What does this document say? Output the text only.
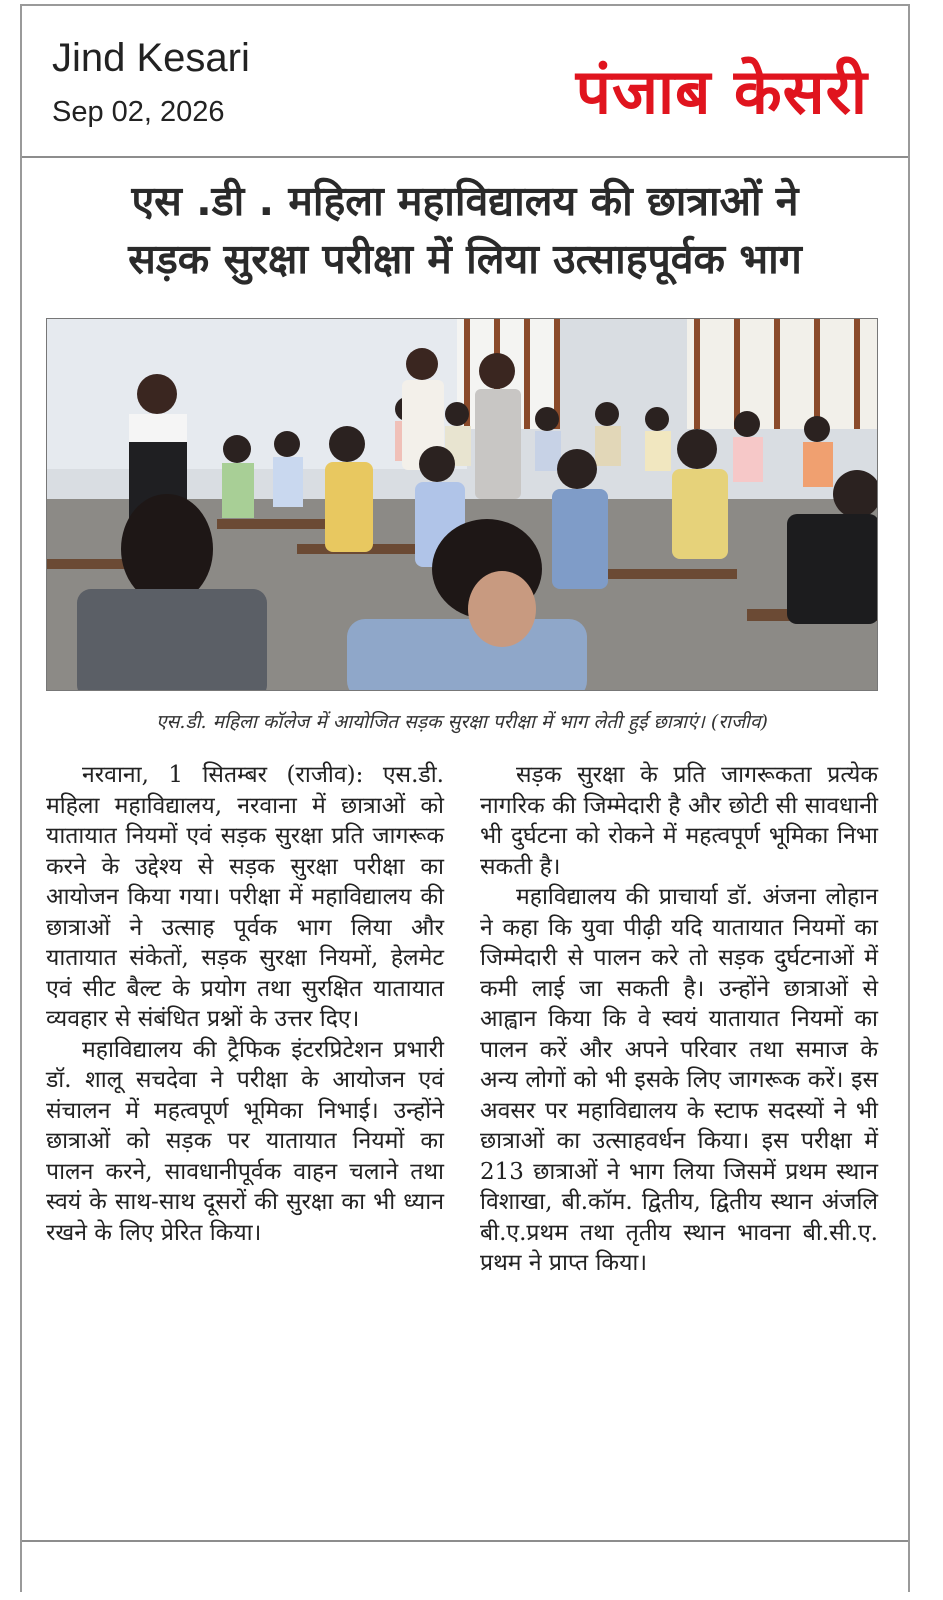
Jind Kesari
Sep 02, 2026	पंजाब केसरी
एस .डी . महिला महाविद्यालय की छात्राओं ने
सड़क सुरक्षा परीक्षा में लिया उत्साहपूर्वक भाग
एस.डी. महिला कॉलेज में आयोजित सड़क सुरक्षा परीक्षा में भाग लेती हुई छात्राएं। (राजीव)

नरवाना, 1 सितम्बर (राजीव): एस.डी. महिला महाविद्यालय, नरवाना में छात्राओं को यातायात नियमों एवं सड़क सुरक्षा प्रति जागरूक करने के उद्देश्य से सड़क सुरक्षा परीक्षा का आयोजन किया गया। परीक्षा में महाविद्यालय की छात्राओं ने उत्साह पूर्वक भाग लिया और यातायात संकेतों, सड़क सुरक्षा नियमों, हेलमेट एवं सीट बैल्ट के प्रयोग तथा सुरक्षित यातायात व्यवहार से संबंधित प्रश्नों के उत्तर दिए।

महाविद्यालय की ट्रैफिक इंटरप्रिटेशन प्रभारी डॉ. शालू सचदेवा ने परीक्षा के आयोजन एवं संचालन में महत्वपूर्ण भूमिका निभाई। उन्होंने छात्राओं को सड़क पर यातायात नियमों का पालन करने, सावधानीपूर्वक वाहन चलाने तथा स्वयं के साथ-साथ दूसरों की सुरक्षा का भी ध्यान रखने के लिए प्रेरित किया।

सड़क सुरक्षा के प्रति जागरूकता प्रत्येक नागरिक की जिम्मेदारी है और छोटी सी सावधानी भी दुर्घटना को रोकने में महत्वपूर्ण भूमिका निभा सकती है।

महाविद्यालय की प्राचार्या डॉ. अंजना लोहान ने कहा कि युवा पीढ़ी यदि यातायात नियमों का जिम्मेदारी से पालन करे तो सड़क दुर्घटनाओं में कमी लाई जा सकती है। उन्होंने छात्राओं से आह्वान किया कि वे स्वयं यातायात नियमों का पालन करें और अपने परिवार तथा समाज के अन्य लोगों को भी इसके लिए जागरूक करें। इस अवसर पर महाविद्यालय के स्टाफ सदस्यों ने भी छात्राओं का उत्साहवर्धन किया। इस परीक्षा में 213 छात्राओं ने भाग लिया जिसमें प्रथम स्थान विशाखा, बी.कॉम. द्वितीय, द्वितीय स्थान अंजलि बी.ए.प्रथम तथा तृतीय स्थान भावना बी.सी.ए. प्रथम ने प्राप्त किया।
